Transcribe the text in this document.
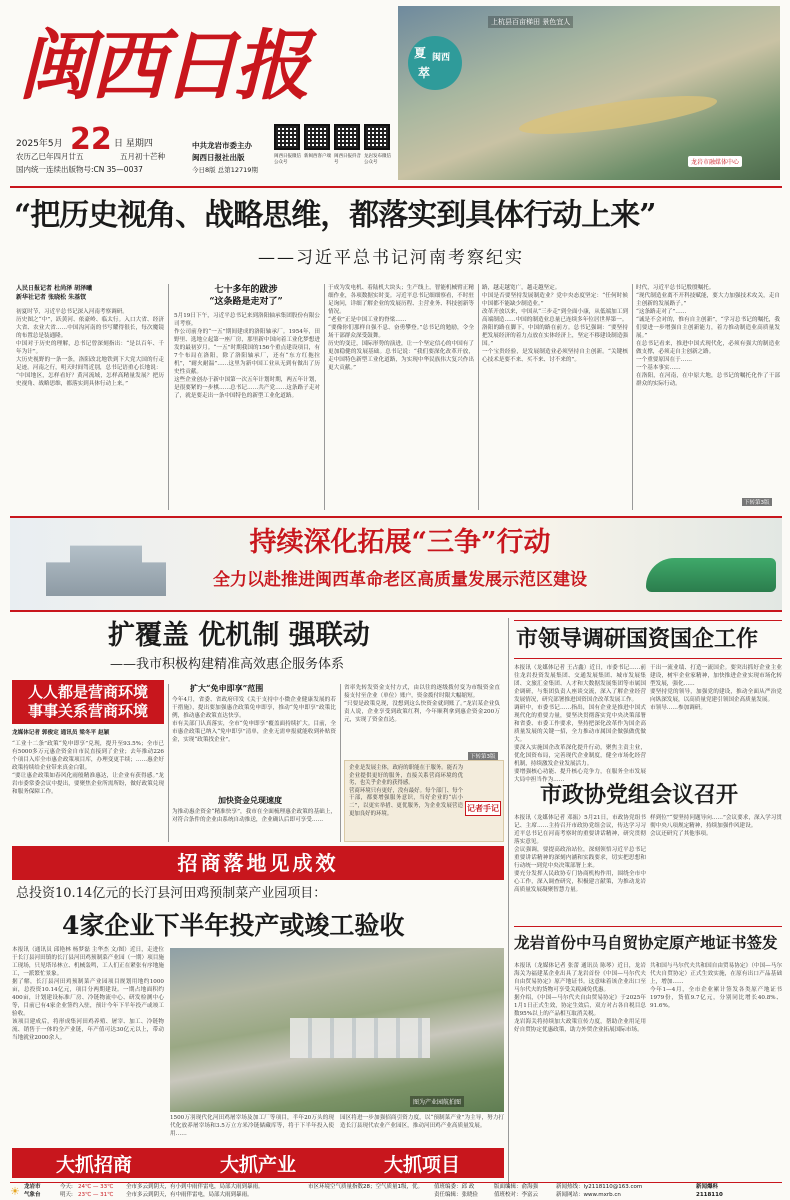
闽西日报
2025年5月 22 日 星期四
农历乙巳年四月廿五	五月初十芒种
国内统一连续出版物号:CN 35—0037
中共龙岩市委主办
闽西日报社出版
今日8版 总第12719期
闽西日报微信公众号
新闽西客户端 闽西日报抖音号
龙岩发布微信公众号
夏 闽西
萃
上杭县百亩梯田 景色宜人
龙岩市融媒体中心
“把历史视角、战略思维，都落实到具体行动上来”
——习近平总书记河南考察纪实
人民日报记者 杜尚泽 胡泽曦
新华社记者 张晓松 朱基钗
初夏时节，习近平总书记深入河南考察调研。
历史图之“中”，跃黄河、依豪岭、临太行。入口大省、经济大省、农业大省……中国沟河南的书写耀得很长，每次魔镜的布置总是装通隆。
中国对于历史的理解，总书记曾深刻指出：“是以百年、千年为计”。
大历史视野的一条一条，洛阳改北地铁到下大党大国的行走足迹。河南之行，明天时间驾近别，总书记语重心长地说：
“中国地区，怎样看好？黄河流域，怎样高精量发展？把历史视角、战略思维，都落实到具体行动上来。”
七十多年的跋涉
“这条路是走对了”
5月19日下午，习近平总书记来到洛阳轴承集团股份有限公司考察。
作公司前身的“一五”期间建成的洛阳轴承厂。1954年，田野里、选地立起第一座厂房，那里新中国向着工业化梦想进发的最初岁月。“一五”时期我国的156个重点建设项目，有7个布局在洛阳，除了洛阳轴承厂，还有“东方红拖拉机”，“耐火耐温”……这里为新中国工业从无到有做出了历史性贡献。
这些企业创办于新中国第一次五年计划时期，两五年计划，是很要紧的一步棋……总书记……共产党……这条路子走对了，就是要走出一条中国特色的新型工业化道路。
于成为发电机、着陆机大块头；生产线上，智能机械臂正精细作业，各项数据实时变。习近平总书记细细察看，不时驻足询问，详细了解企业的发展历程、主营业务、科技创新等情况。
“老业”正是中国工业的脊梁……
“要像你们那样自强不息、奋勇攀登。”总书记的勉励，令全场干部群众深受鼓舞。
历史的变迁，国际形势的演进，让一个坚定信心的中国有了更加稳健的发展基础。总书记说：“我们要深化改革开放，走中国特色新型工业化道路，为实现中华民族伟大复兴作出更大贡献。”
路，越走越宽广，越走越坚定。
中国是否要坚持发展制造业？党中央态度坚定：“任何时候中国都不能缺少制造业。”
改革开放以来，中国从“三步走”到全面小康，从低端加工到高端制造……中国的制造业总量已连续多年位居世界第一。
洛阳的路在脚下，中国的路在前方。总书记强调：“要坚持把发展经济的着力点放在实体经济上，坚定不移建设制造强国。”
一个宝贵经验，是发展制造业必须坚持自主创新。“关键核心技术是要不来、买不来、讨不来的”。
时代，习近平总书记殷殷嘱托。
“现代制造业离不开科技赋能，要大力加强技术攻关，走自主创新的发展路子。”
“这条路走对了”……
“诚是不会对的，惟有自主创新”，“学习总书记的嘱托，我们要进一步增强自主创新能力，着力推动制造业高质量发展。”
在总书记看来，推进中国式现代化，必须有强大的制造业做支撑，必须走自主创新之路。
一个重要原因在于……
一个基本事实……
在洛阳，在河南，在中原大地，总书记的嘱托化作了干部群众的实际行动。
下转第3版
持续深化拓展“三争”行动
全力以赴推进闽西革命老区高质量发展示范区建设
扩覆盖 优机制 强联动
——我市积极构建精准高效惠企服务体系
人人都是营商环境
事事关系营商环境
龙媒体记者 郭俊定 通讯员 梁冬平 赵颖
“工业十二条”政策“免申即享”兑现，提升至93.5%；全市已有5000多万元惠企资金自市民直接到了企业；去年推动226个项目入库全市惠企政策项目库，办理变更手续；……惠企好政策持续给企业带来真金白银。
“要让惠企政策如春风化雨般精准惠达，让企业有获得感。”龙岩市委常委会议中提出，要聚焦企业所需所盼，做好政策兑现和服务保障工作。
扩大“免申即享”范围
今年4月，省委、省政府印发《关于支持中小微企业健康发展的若干措施》，提出要加强惠企政策免申即享，推动“免申即享”政策比例，推动惠企政策直达快享。
市有关部门认真落实，全市“免申即享”覆盖面持续扩大。目前，全市惠企政策已纳入“免申即享”清单，企业无需申报就能收到补贴资金，实现“政策找企业”。
加快资金兑现速度
为推动惠企资金“精准快享”，我市在全面梳理惠企政策的基础上，对符合条件的企业由系统自动推送，企业确认后即可享受……
省率先转发资金支付方式，由以往的逐级拨付变为市级资金直接支付至企业（单位）账户，资金拨付时限大幅缩短。
“只要是政策兑现，没想到这么快资金就到账了。”龙岩某企业负责人说，企业享受到政策红利，今年顺利拿到惠企资金200万元，实现了资金直达。
下转第3版
企业是发展主体，政府的职能在于服务。能否为企业提供更好的服务，直接关系营商环境的优劣，也关乎企业的获得感。
营商环境只有更好，没有最好。每个部门、每个干部，都要增强服务意识，当好企业的“店小二”，以更实举措、更优服务，为企业发展营造更加良好的环境。
记者手记
市领导调研国资国企工作
本报讯（龙媒体记者 王占鑫）近日，市委书记……前往龙岩投资发展集团、交通发展集团、城市发展集团、文旅汇金集团、人才和大数据发展集团等市属国企调研，与集团负责人座谈交流，深入了解企业经营发展情况，研究部署推进国资国企改革发展工作。
调研中，市委书记……指出，国有企业是推进中国式现代化的重要力量，要坚决贯彻落实党中央决策部署和省委、市委工作要求，坚持把深化改革作为国企高质量发展的关键一招，全力推动市属国企做强做优做大。
要深入实施国企改革深化提升行动，聚焦主责主业，优化国资布局，完善现代企业制度，健全市场化经营机制，持续激发企业发展活力。
要增强核心功能、提升核心竞争力，在服务全市发展大局中担当作为……
干出一流业绩、打造一流国企。要突出抓好企业主业建设，树牢企业家精神，加快推进企业实现市场化转型发展，强化……
要坚持党的领导，加强党的建设，推动全面从严治党向纵深发展，以高质量党建引领国企高质量发展。
市领导……参加调研。
市政协党组会议召开
本报讯（龙媒体记者 邓振）5月21日，市政协党组书记、主席……主持召开市政协党组会议，传达学习习近平总书记在河南考察时的重要讲话精神，研究贯彻落实意见。
会议强调，要提高政治站位，深刻领悟习近平总书记重要讲话精神的深刻内涵和实践要求，切实把思想和行动统一到党中央决策部署上来。
要充分发挥人民政协专门协商机构作用，围绕全市中心工作，深入调查研究，积极建言献策，为推动龙岩高质量发展凝聚智慧力量。
样到位”“要坚持问题导向……”会议要求，深入学习贯彻中央八项规定精神，持续加强作风建设。
会议还研究了其他事项。
招商落地见成效
总投资10.14亿元的长汀县河田鸡预制菜产业园项目：
4家企业下半年投产或竣工验收
本报讯（通讯员 邱艳林 杨梦磊 主华杰 文/图）近日，走进位于长汀县河田镇的长汀县河田鸡预制菜产业园（一期）项目施工现场，只见塔吊林立、机械轰鸣，工人们正在紧张有序地施工，一派繁忙景象。
据了解，长汀县河田鸡预制菜产业园项目规划用地约1000亩，总投资10.14亿元，项目分两期建设。一期占地面积约400亩，计划建设标准厂房、冷链物流中心、研发检测中心等，目前已有4家企业签约入驻，预计今年下半年投产或竣工验收。
该项目建成后，将形成集河田鸡养殖、屠宰、加工、冷链物流、销售于一体的全产业链，年产值可达30亿元以上，带动当地就业2000余人。
图为产业园航拍图
1500万羽现代化河田鸡屠宰场及加工厂等项目，半年20万头的现代化放养屠宰场和3.5万立方米冷链储藏库等，将于下半年投入使用……
园区将进一步加强招商引资力度，以“预制菜产业”为主导，努力打造长汀县现代农业产业园区，推动河田鸡产业高质量发展。
大抓招商	大抓产业	大抓项目
龙岩首份中马自贸协定原产地证书签发
本报讯（龙媒体记者 张蕾 通讯员 陈琴）近日，龙岩海关为福建某企业出具了龙岩首份《中国—马尔代夫自由贸易协定》原产地证书。这意味着该企业出口至马尔代夫的货物可享受关税减免优惠。
据介绍，《中国—马尔代夫自由贸易协定》于2025年1月1日正式生效，协定生效后，双方对占各自税目总数95%以上的产品相互取消关税。
龙岩海关将持续加大政策宣传力度，帮助企业用足用好自贸协定优惠政策，助力外贸企业拓展国际市场。
共和国与马尔代夫共和国自由贸易协定》（中国—马尔代夫自贸协定）正式生效实施，在原有出口产品基础上，增加……
今年1—4月，全市企业累计签发各类原产地证书1979份，货值9.7亿元，分别同比增长40.8%、91.6%。
☀ 龙岩市
气象台
今天: 24℃ — 33℃ 全市多云到阴天，有小到中雨伴雷电，局部大雨到暴雨。
明天: 23℃ — 31℃ 全市多云到阴天，有中雨伴雷电，局部大雨到暴雨。
市区环境空气质量指数28；空气质量1级，优。	值班编委：邱 政
责任编辑：张晓俭
版面编辑：俞海强
值班校对：李富云
新闻热线：ly2118110@163.com
新闻网站：www.mxrb.cn
新闻爆料
2118110
